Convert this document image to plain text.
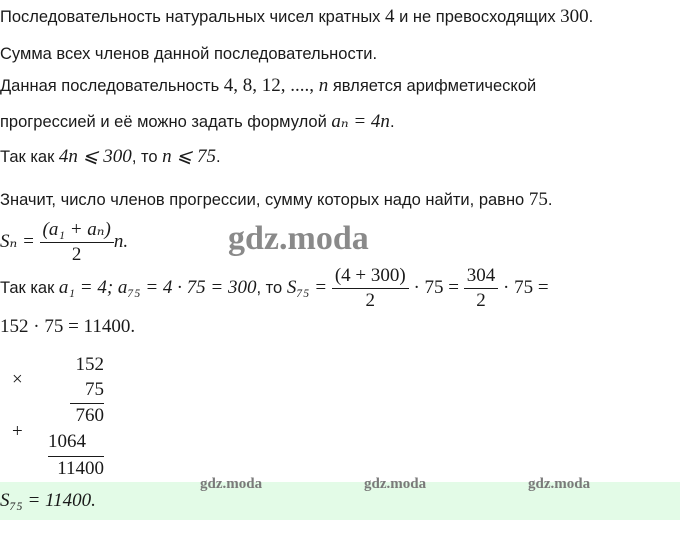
Последовательность натуральных чисел кратных 4 и не превосходящих 300.
Сумма всех членов данной последовательности.
Данная последовательность 4, 8, 12, ...., n является арифметической
прогрессией и её можно задать формулой aₙ = 4n.
Так как 4n ⩽ 300, то n ⩽ 75.
Значит, число членов прогрессии, сумму которых надо найти, равно 75.
$S_n = \frac{\text{(a₁ + aₙ)}}{2} n$.	gdz.moda
Так как a₁ = 4; a₇₅ = 4 · 75 = 300, то $S_{75} = \frac{(4 + 300)}{2} \cdot 75 = \frac{304}{2} \cdot 75$ =
152 · 75 = 11400.
×
+
152
75
760
1064
11400
S₇₅ = 11400.
gdz.moda	gdz.moda	gdz.moda
